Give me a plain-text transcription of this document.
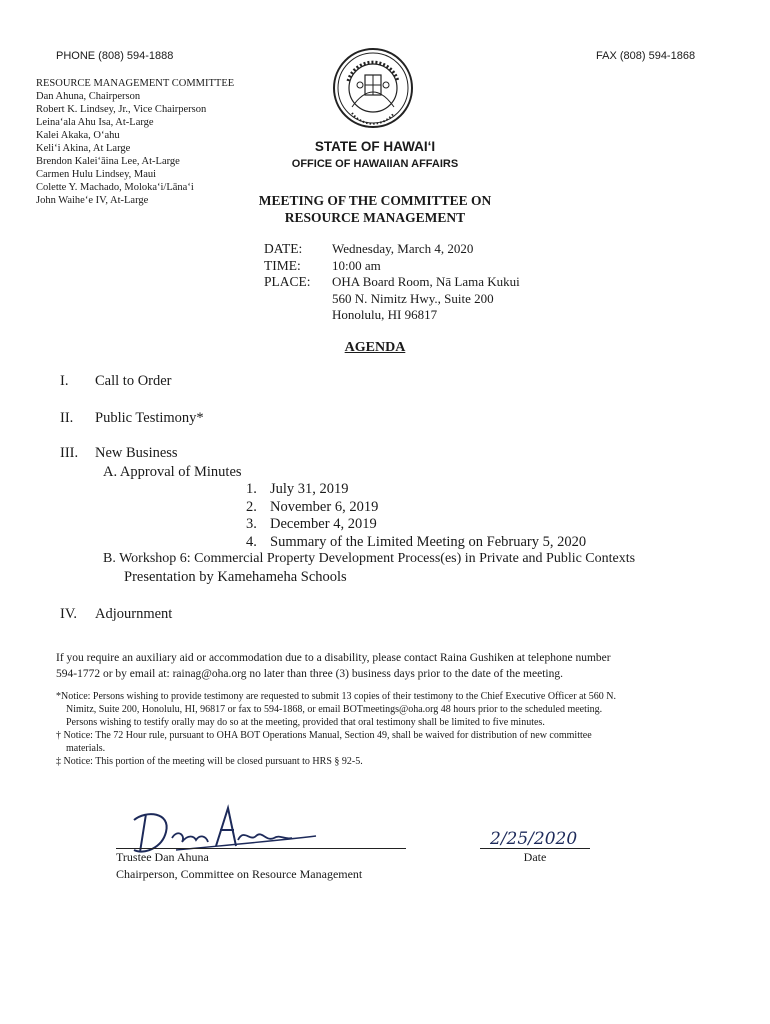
PHONE (808) 594-1888	FAX (808) 594-1868
RESOURCE MANAGEMENT COMMITTEE
Dan Ahuna, Chairperson
Robert K. Lindsey, Jr., Vice Chairperson
Leina‘ala Ahu Isa, At-Large
Kalei Akaka, O‘ahu
Keli‘i Akina, At Large
Brendon Kalei‘āina Lee, At-Large
Carmen Hulu Lindsey, Maui
Colette Y. Machado, Moloka‘i/Lāna‘i
John Waihe‘e IV, At-Large
STATE OF HAWAI‘I
OFFICE OF HAWAIIAN AFFAIRS
MEETING OF THE COMMITTEE ON
RESOURCE MANAGEMENT
DATE: Wednesday, March 4, 2020
TIME: 10:00 am
PLACE: OHA Board Room, Nā Lama Kukui
560 N. Nimitz Hwy., Suite 200
Honolulu, HI 96817
AGENDA
I. Call to Order
II. Public Testimony*
III. New Business
A. Approval of Minutes
1. July 31, 2019
2. November 6, 2019
3. December 4, 2019
4. Summary of the Limited Meeting on February 5, 2020
B. Workshop 6: Commercial Property Development Process(es) in Private and Public Contexts
Presentation by Kamehameha Schools
IV. Adjournment
If you require an auxiliary aid or accommodation due to a disability, please contact Raina Gushiken at telephone number
594-1772 or by email at: rainag@oha.org no later than three (3) business days prior to the date of the meeting.
*Notice: Persons wishing to provide testimony are requested to submit 13 copies of their testimony to the Chief Executive Officer at 560 N.
Nimitz, Suite 200, Honolulu, HI, 96817 or fax to 594-1868, or email BOTmeetings@oha.org 48 hours prior to the scheduled meeting.
Persons wishing to testify orally may do so at the meeting, provided that oral testimony shall be limited to five minutes.
† Notice: The 72 Hour rule, pursuant to OHA BOT Operations Manual, Section 49, shall be waived for distribution of new committee
materials.
‡ Notice: This portion of the meeting will be closed pursuant to HRS § 92-5.
2/25/2020
Trustee Dan Ahuna
Chairperson, Committee on Resource Management
Date
